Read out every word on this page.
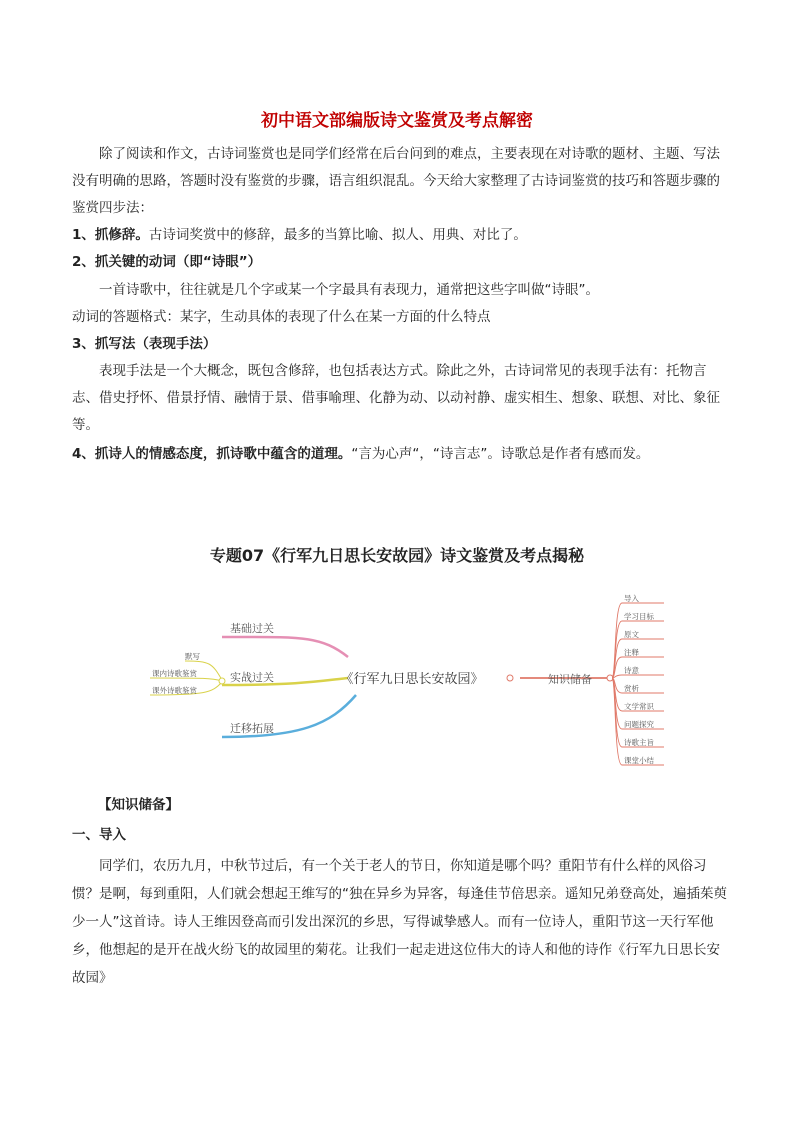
初中语文部编版诗文鉴赏及考点解密
除了阅读和作文，古诗词鉴赏也是同学们经常在后台问到的难点，主要表现在对诗歌的题材、主题、写法没有明确的思路，答题时没有鉴赏的步骤，语言组织混乱。今天给大家整理了古诗词鉴赏的技巧和答题步骤的鉴赏四步法：
1、抓修辞。古诗词奖赏中的修辞，最多的当算比喻、拟人、用典、对比了。
2、抓关键的动词（即“诗眼”）
一首诗歌中，往往就是几个字或某一个字最具有表现力，通常把这些字叫做“诗眼”。
动词的答题格式：某字，生动具体的表现了什么在某一方面的什么特点
3、抓写法（表现手法）
表现手法是一个大概念，既包含修辞，也包括表达方式。除此之外，古诗词常见的表现手法有：托物言志、借史抒怀、借景抒情、融情于景、借事喻理、化静为动、以动衬静、虚实相生、想象、联想、对比、象征等。
4、抓诗人的情感态度，抓诗歌中蕴含的道理。“言为心声“，“诗言志”。诗歌总是作者有感而发。
专题07《行军九日思长安故园》诗文鉴赏及考点揭秘
《行军九日思长安故园》
基础过关
实战过关
迁移拓展
默写
课内诗歌鉴赏
课外诗歌鉴赏
知识储备
导入
学习目标
原文
注释
诗意
赏析
文学常识
问题探究
诗歌主旨
课堂小结
【知识储备】
一、导入
同学们，农历九月，中秋节过后，有一个关于老人的节日，你知道是哪个吗？重阳节有什么样的风俗习惯？是啊，每到重阳，人们就会想起王维写的“独在异乡为异客，每逢佳节倍思亲。遥知兄弟登高处，遍插茱萸少一人”这首诗。诗人王维因登高而引发出深沉的乡思，写得诚挚感人。而有一位诗人，重阳节这一天行军他乡，他想起的是开在战火纷飞的故园里的菊花。让我们一起走进这位伟大的诗人和他的诗作《行军九日思长安故园》
